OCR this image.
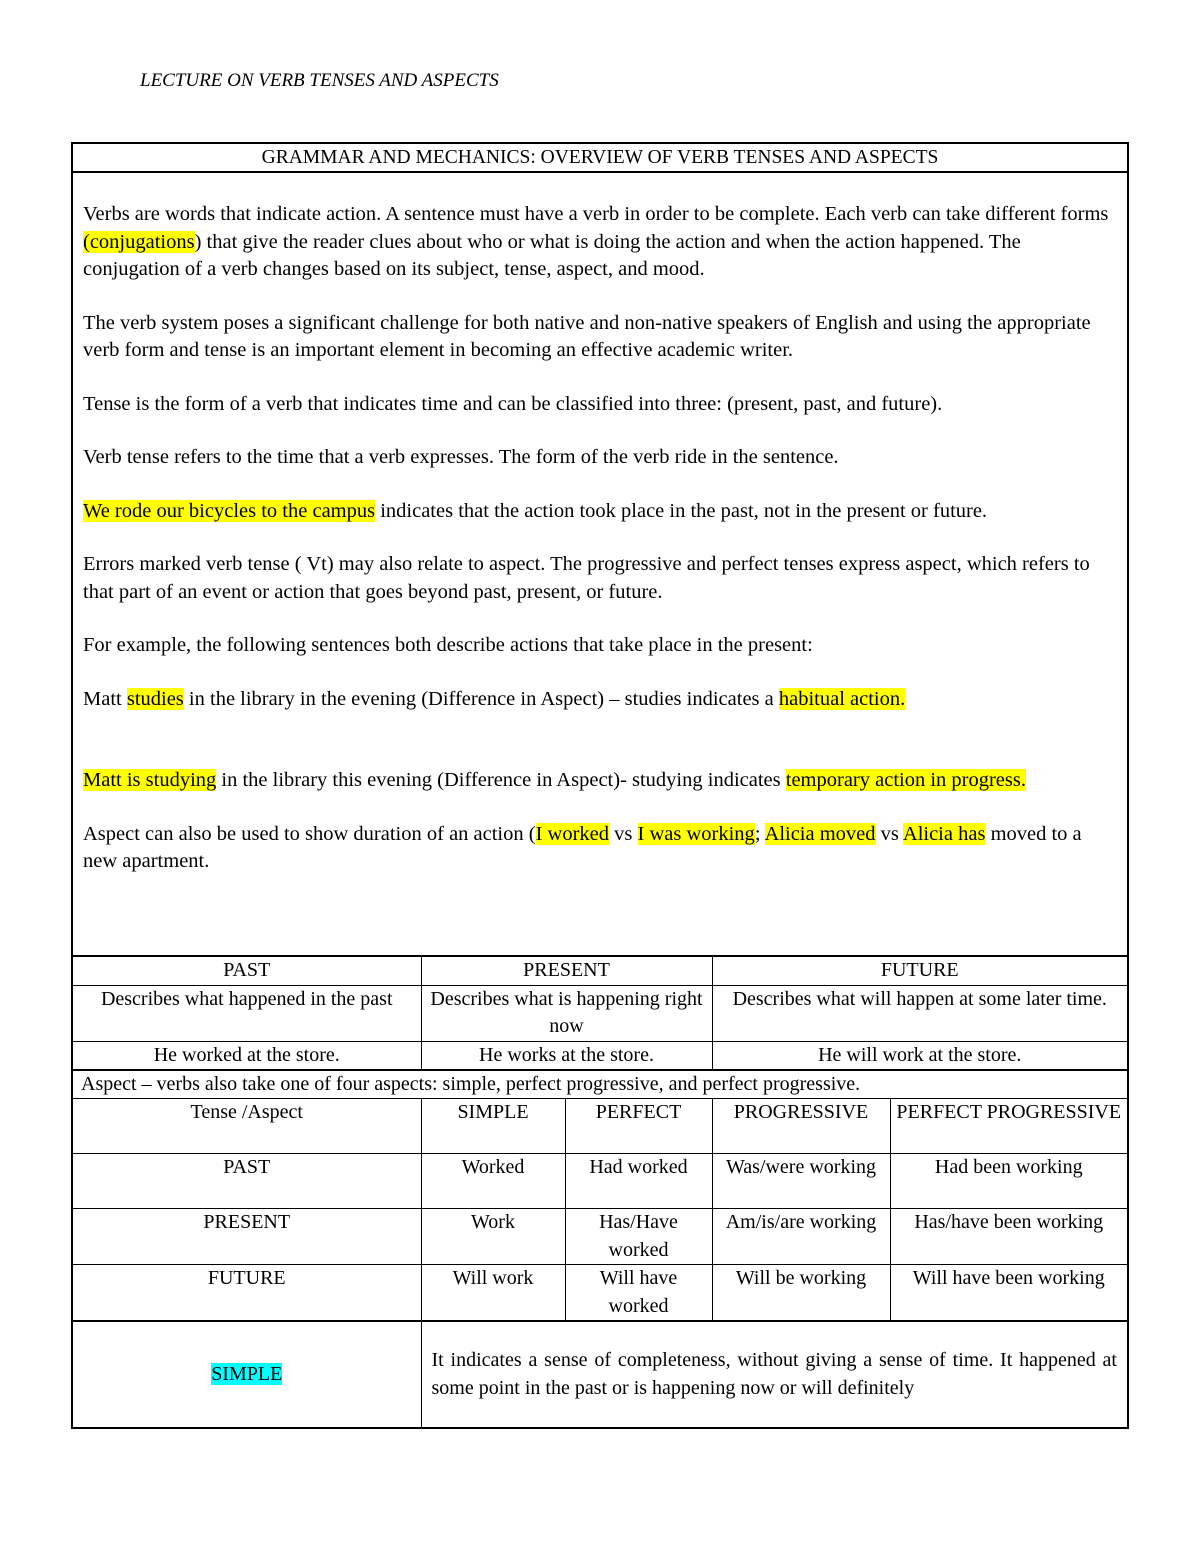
LECTURE ON VERB TENSES AND ASPECTS
GRAMMAR AND MECHANICS: OVERVIEW OF VERB TENSES AND ASPECTS

Verbs are words that indicate action. A sentence must have a verb in order to be complete. Each verb can take different forms (conjugations) that give the reader clues about who or what is doing the action and when the action happened. The conjugation of a verb changes based on its subject, tense, aspect, and mood.

The verb system poses a significant challenge for both native and non-native speakers of English and using the appropriate verb form and tense is an important element in becoming an effective academic writer.

Tense is the form of a verb that indicates time and can be classified into three: (present, past, and future).

Verb tense refers to the time that a verb expresses. The form of the verb ride in the sentence.

We rode our bicycles to the campus indicates that the action took place in the past, not in the present or future.

Errors marked verb tense ( Vt) may also relate to aspect. The progressive and perfect tenses express aspect, which refers to that part of an event or action that goes beyond past, present, or future.

For example, the following sentences both describe actions that take place in the present:

Matt studies in the library in the evening (Difference in Aspect) – studies indicates a habitual action.

Matt is studying in the library this evening (Difference in Aspect)- studying indicates temporary action in progress.

Aspect can also be used to show duration of an action (I worked vs I was working; Alicia moved vs Alicia has moved to a new apartment.

PAST	PRESENT	FUTURE
Describes what happened in the past	Describes what is happening right now	Describes what will happen at some later time.
He worked at the store.	He works at the store.	He will work at the store.
Aspect – verbs also take one of four aspects: simple, perfect progressive, and perfect progressive.
Tense /Aspect	SIMPLE	PERFECT	PROGRESSIVE	PERFECT PROGRESSIVE
PAST	Worked	Had worked	Was/were working	Had been working
PRESENT	Work	Has/Have worked	Am/is/are working	Has/have been working
FUTURE	Will work	Will have worked	Will be working	Will have been working
SIMPLE	It indicates a sense of completeness, without giving a sense of time. It happened at some point in the past or is happening now or will definitely
